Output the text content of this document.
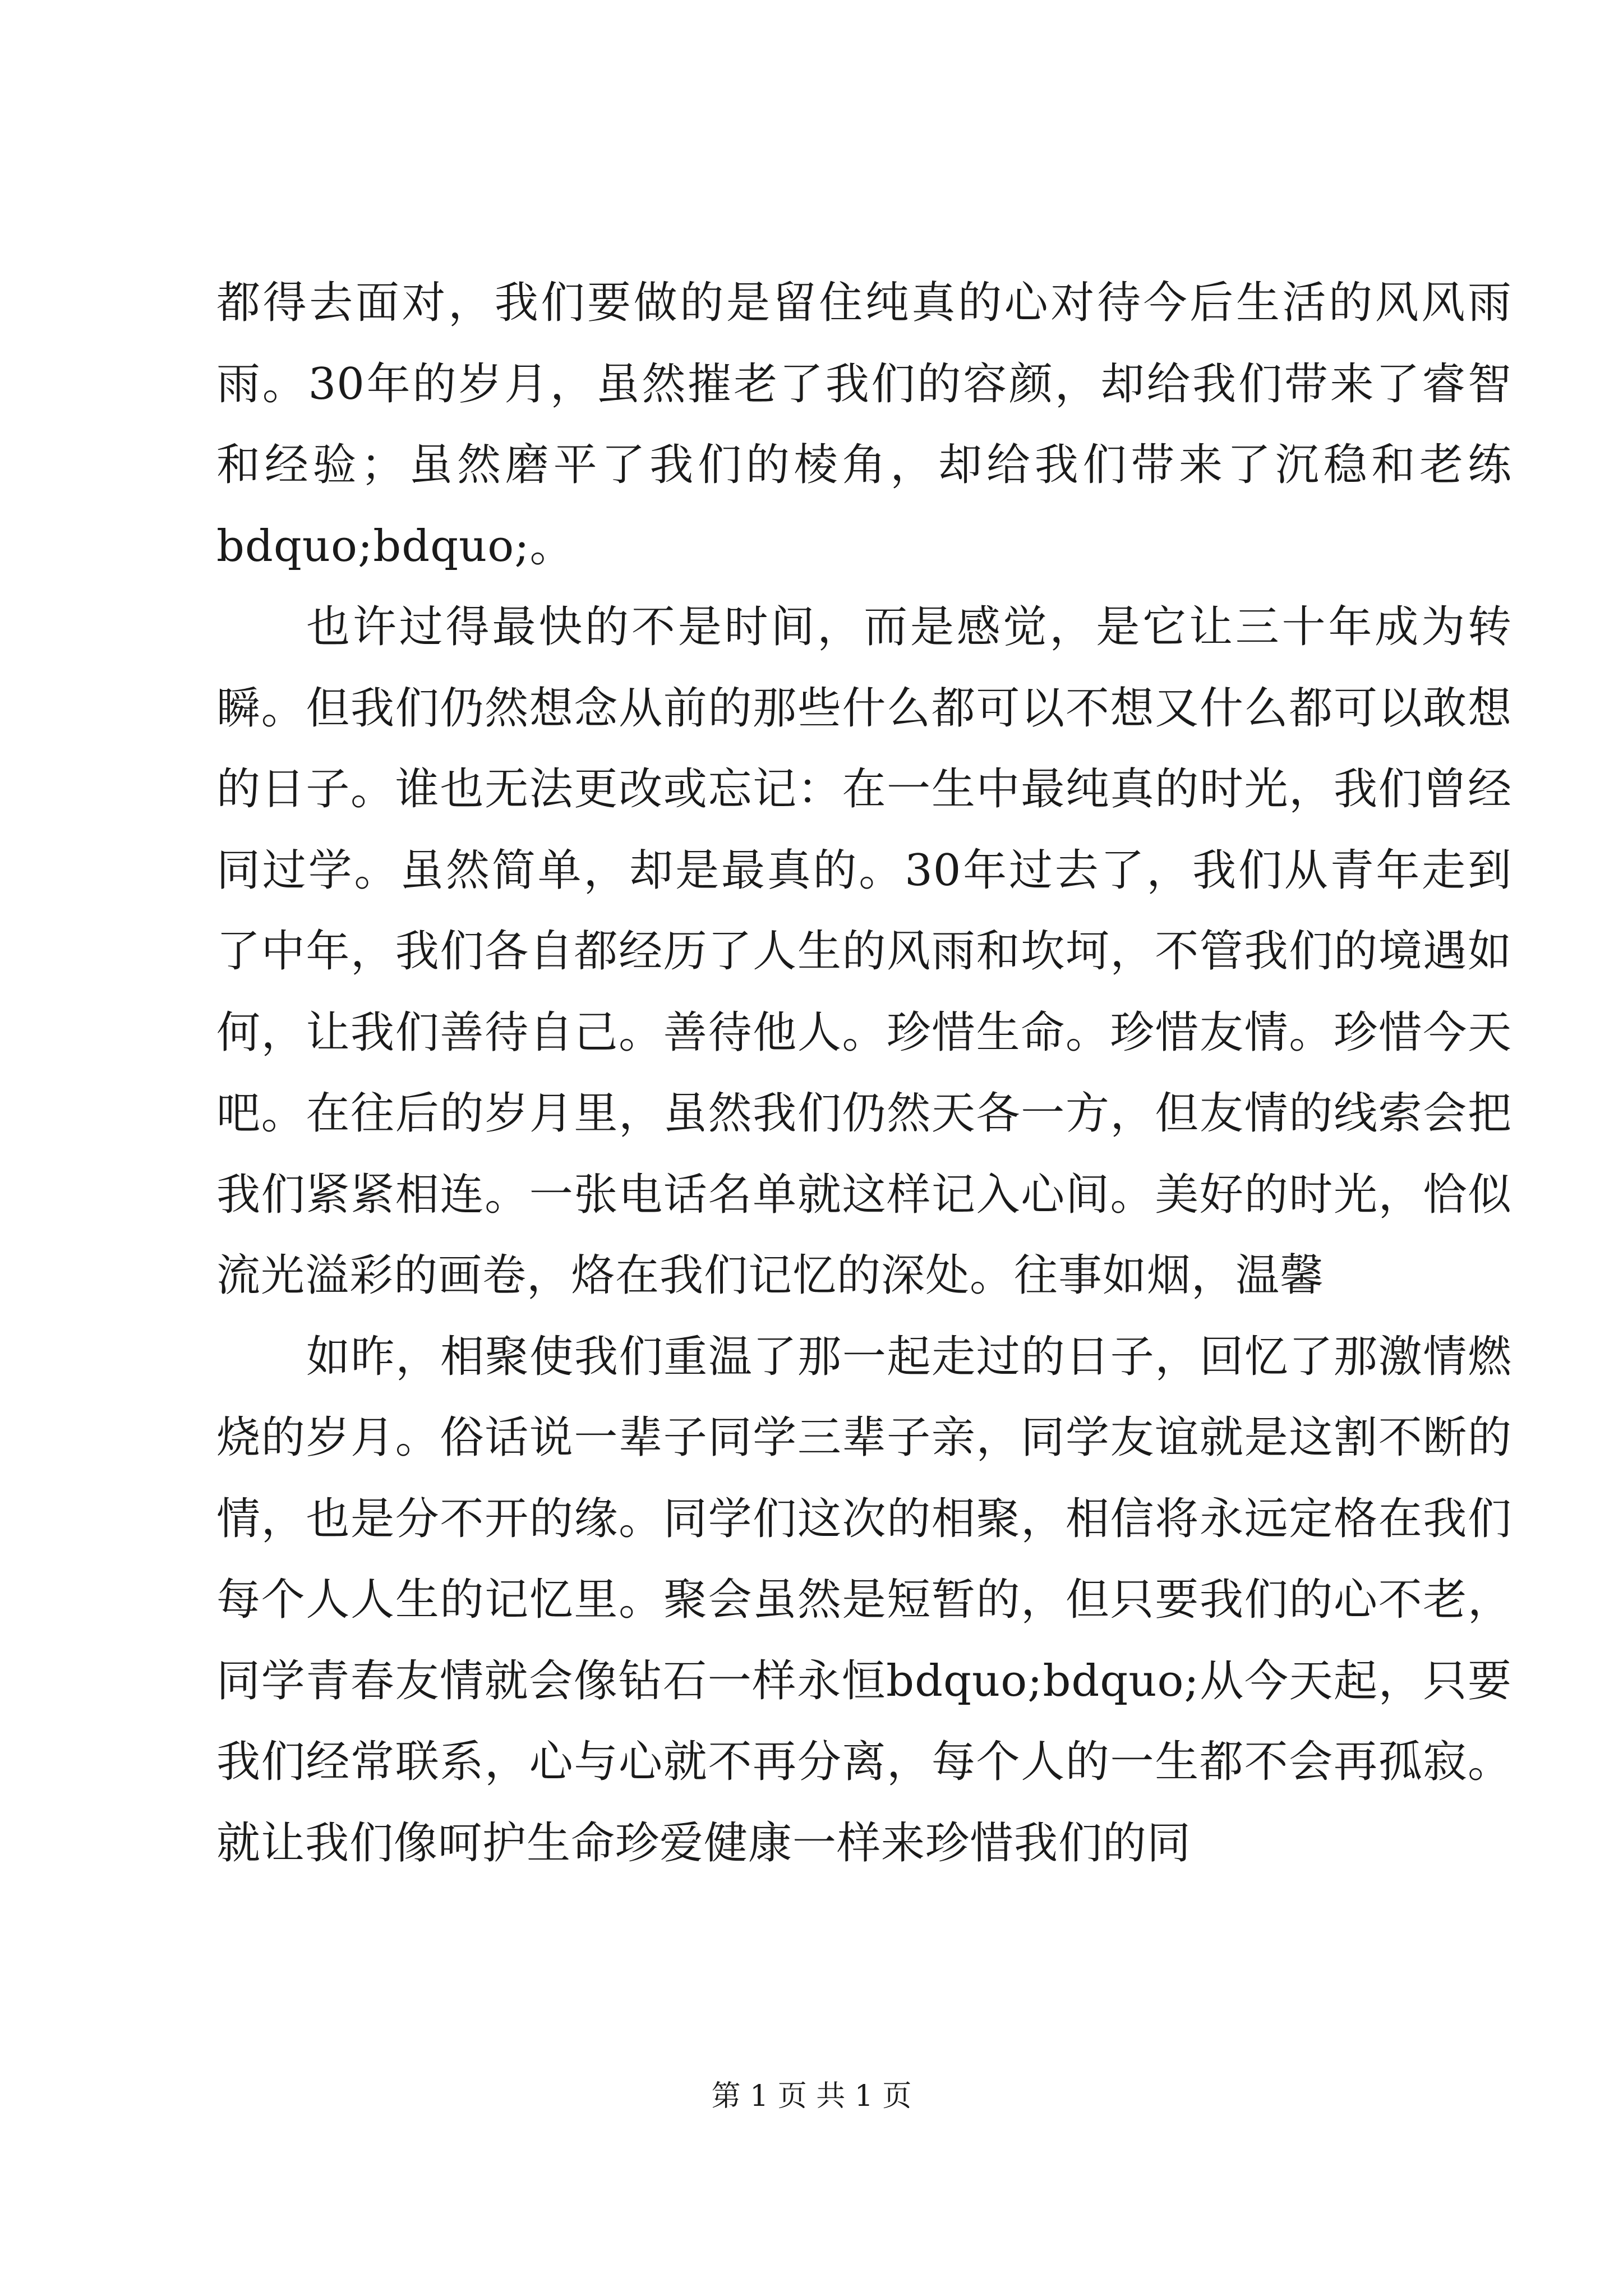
都得去面对，我们要做的是留住纯真的心对待今后生活的风风雨雨。30年的岁月，虽然摧老了我们的容颜，却给我们带来了睿智和经验；虽然磨平了我们的棱角，却给我们带来了沉稳和老练bdquo;bdquo;。

也许过得最快的不是时间，而是感觉，是它让三十年成为转瞬。但我们仍然想念从前的那些什么都可以不想又什么都可以敢想的日子。谁也无法更改或忘记：在一生中最纯真的时光，我们曾经同过学。虽然简单，却是最真的。30年过去了，我们从青年走到了中年，我们各自都经历了人生的风雨和坎坷，不管我们的境遇如何，让我们善待自己。善待他人。珍惜生命。珍惜友情。珍惜今天吧。在往后的岁月里，虽然我们仍然天各一方，但友情的线索会把我们紧紧相连。一张电话名单就这样记入心间。美好的时光，恰似流光溢彩的画卷，烙在我们记忆的深处。往事如烟，温馨

如昨，相聚使我们重温了那一起走过的日子，回忆了那激情燃烧的岁月。俗话说一辈子同学三辈子亲，同学友谊就是这割不断的情，也是分不开的缘。同学们这次的相聚，相信将永远定格在我们每个人人生的记忆里。聚会虽然是短暂的，但只要我们的心不老，同学青春友情就会像钻石一样永恒bdquo;bdquo;从今天起，只要我们经常联系，心与心就不再分离，每个人的一生都不会再孤寂。就让我们像呵护生命珍爱健康一样来珍惜我们的同

第 1 页 共 1 页
